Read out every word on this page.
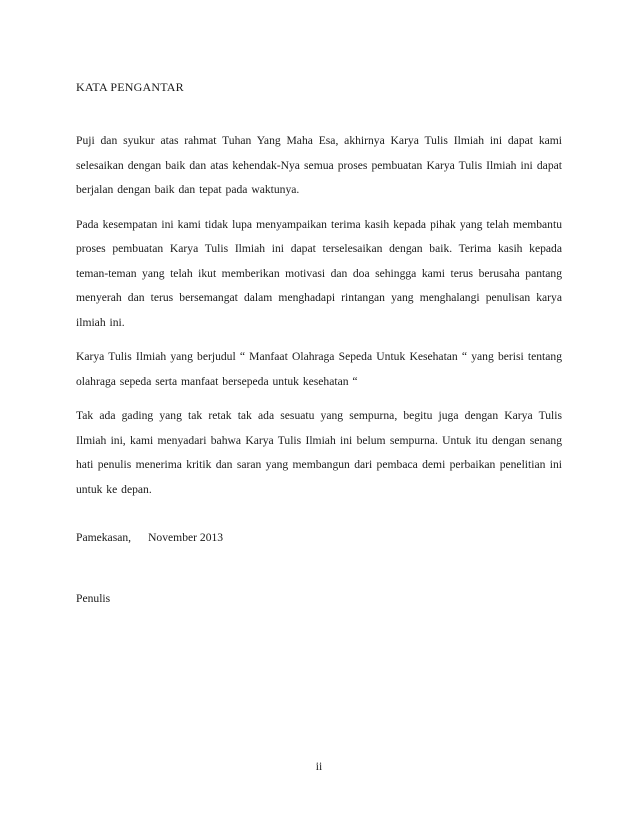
KATA PENGANTAR

Puji dan syukur atas rahmat Tuhan Yang Maha Esa, akhirnya Karya Tulis Ilmiah ini dapat kami selesaikan dengan baik dan atas kehendak-Nya semua proses pembuatan Karya Tulis Ilmiah ini dapat berjalan dengan baik dan tepat pada waktunya.

Pada kesempatan ini kami tidak lupa menyampaikan terima kasih kepada pihak yang telah membantu proses pembuatan Karya Tulis Ilmiah ini dapat terselesaikan dengan baik. Terima kasih kepada teman-teman yang telah ikut memberikan motivasi dan doa sehingga kami terus berusaha pantang menyerah dan terus bersemangat dalam menghadapi rintangan yang menghalangi penulisan karya ilmiah ini.

Karya Tulis Ilmiah yang berjudul “ Manfaat Olahraga Sepeda Untuk Kesehatan “ yang berisi tentang olahraga sepeda serta manfaat bersepeda untuk kesehatan “

Tak ada gading yang tak retak tak ada sesuatu yang sempurna, begitu juga dengan Karya Tulis Ilmiah ini, kami menyadari bahwa Karya Tulis Ilmiah ini belum sempurna. Untuk itu dengan senang hati penulis menerima kritik dan saran yang membangun dari pembaca demi perbaikan penelitian ini untuk ke depan.

Pamekasan, November 2013
Penulis
ii
